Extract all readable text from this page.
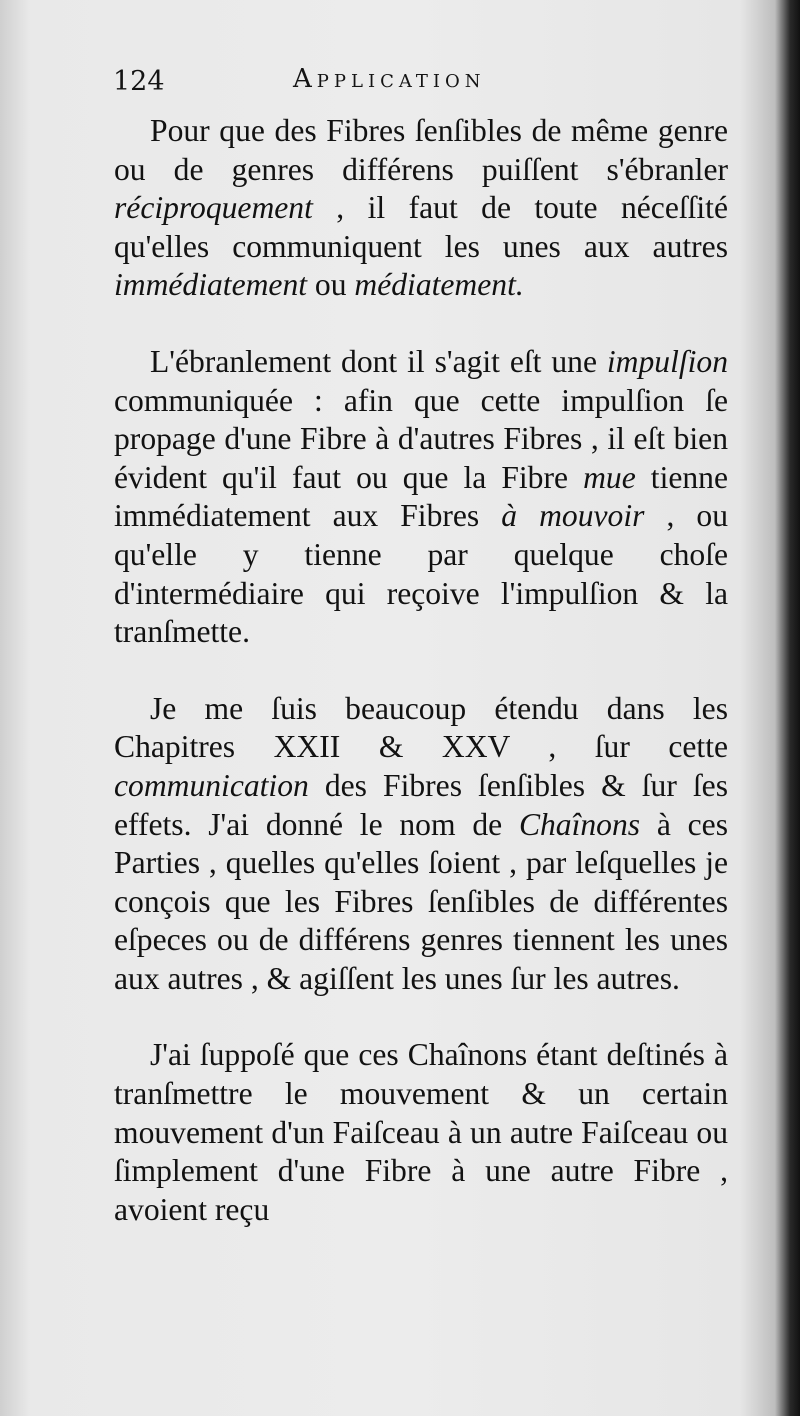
124	Application

Pour que des Fibres ſenſibles de même genre ou de genres différens puiſſent s'ébranler réciproquement , il faut de toute néceſſité qu'elles communiquent les unes aux autres immédiatement ou médiatement.

L'ébranlement dont il s'agit eſt une impulſion communiquée : afin que cette impulſion ſe propage d'une Fibre à d'autres Fibres , il eſt bien évident qu'il faut ou que la Fibre mue tienne immédiatement aux Fibres à mouvoir , ou qu'elle y tienne par quelque choſe d'intermédiaire qui reçoive l'impulſion & la tranſmette.

Je me ſuis beaucoup étendu dans les Chapitres XXII & XXV , ſur cette communication des Fibres ſenſibles & ſur ſes effets. J'ai donné le nom de Chaînons à ces Parties , quelles qu'elles ſoient , par leſquelles je conçois que les Fibres ſenſibles de différentes eſpeces ou de différens genres tiennent les unes aux autres , & agiſſent les unes ſur les autres.

J'ai ſuppoſé que ces Chaînons étant deſtinés à tranſmettre le mouvement & un certain mouvement d'un Faiſceau à un autre Faiſceau ou ſimplement d'une Fibre à une autre Fibre , avoient reçu
